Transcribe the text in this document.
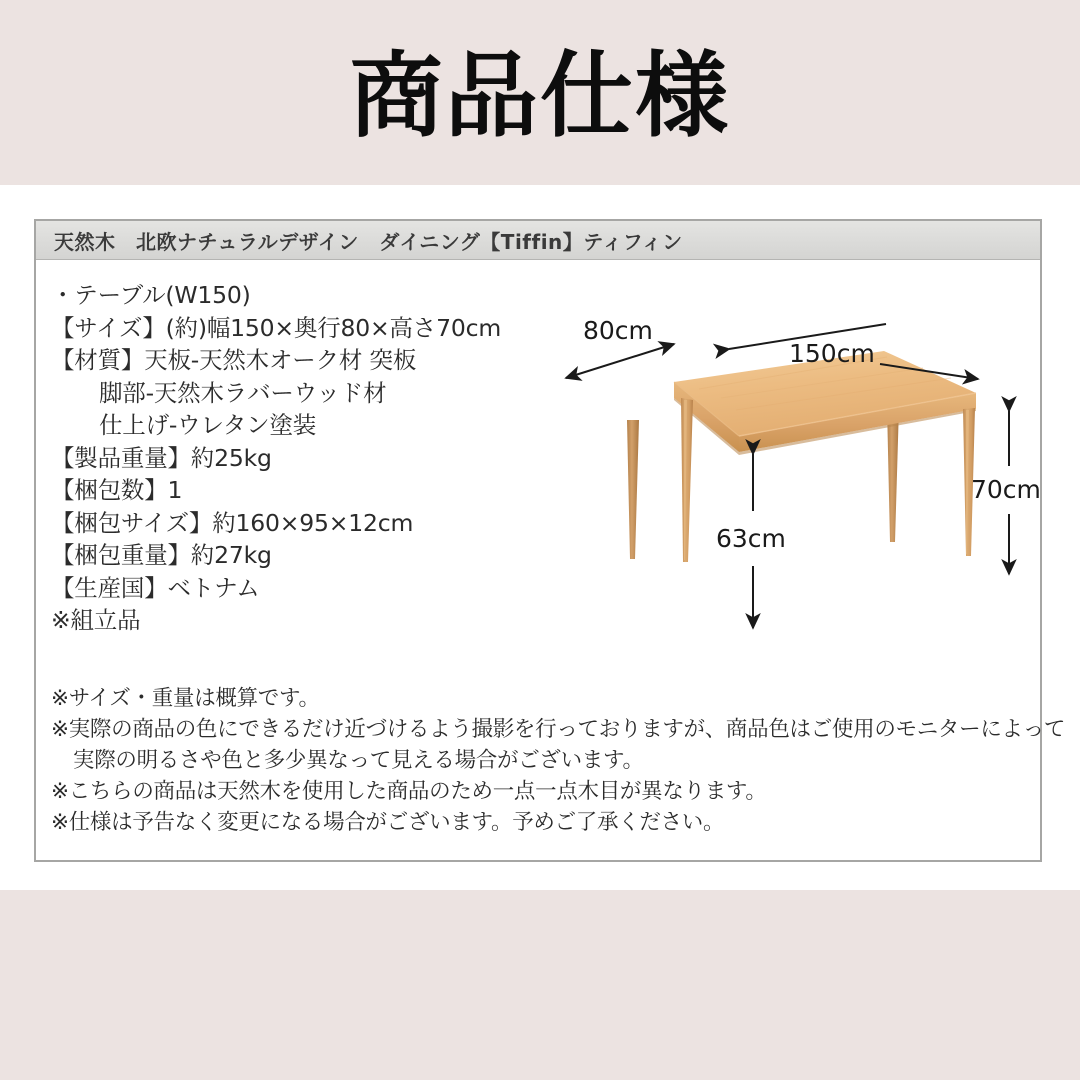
商品仕様
天然木　北欧ナチュラルデザイン　ダイニング【Tiffin】ティフィン
・テーブル(W150)
【サイズ】(約)幅150×奥行80×高さ70cm
【材質】天板-天然木オーク材 突板
脚部-天然木ラバーウッド材
仕上げ-ウレタン塗装
【製品重量】約25kg
【梱包数】1
【梱包サイズ】約160×95×12cm
【梱包重量】約27kg
【生産国】ベトナム
※組立品
80cm
150cm
63cm
70cm
※サイズ・重量は概算です。
※実際の商品の色にできるだけ近づけるよう撮影を行っておりますが、商品色はご使用のモニターによって
実際の明るさや色と多少異なって見える場合がございます。
※こちらの商品は天然木を使用した商品のため一点一点木目が異なります。
※仕様は予告なく変更になる場合がございます。予めご了承ください。
